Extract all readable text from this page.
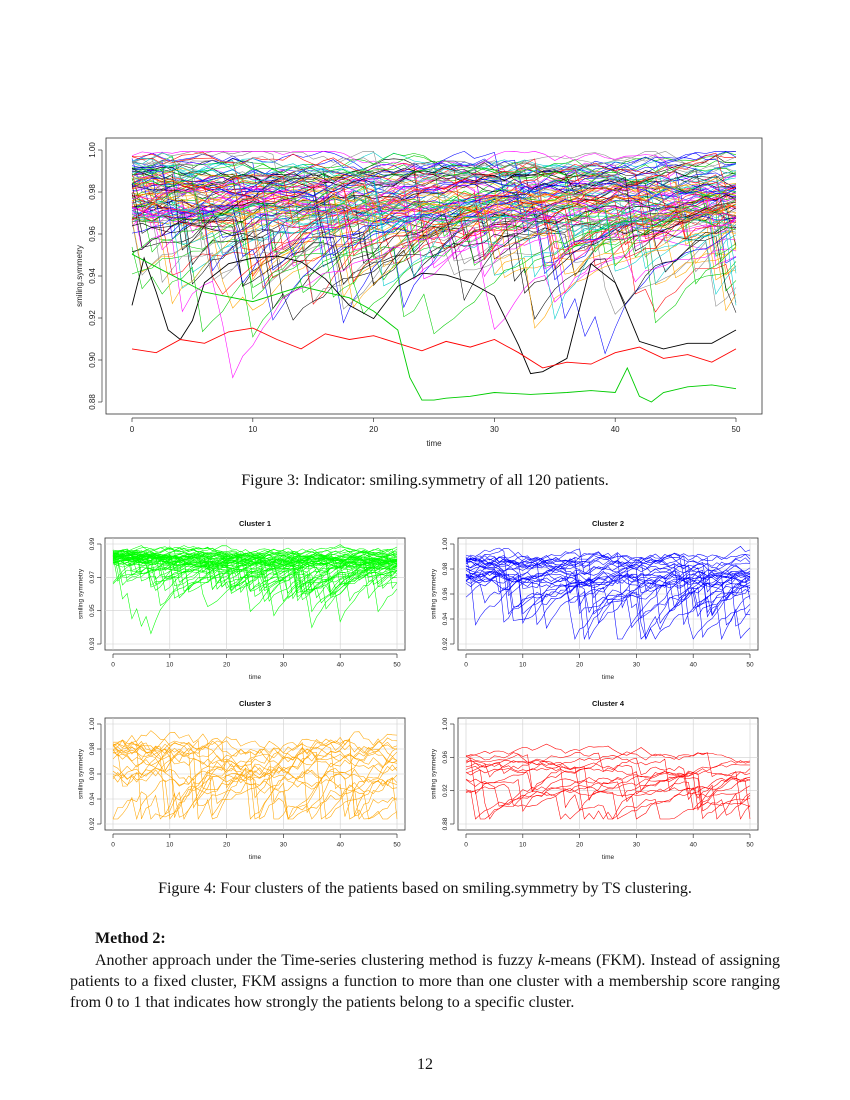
0	10	20	30	40	50
0.88
0.90
0.92
0.94
0.96
0.98
1.00
time
smiling.symmetry
Figure 3: Indicator: smiling.symmetry of all 120 patients.
0	10	20	30	40	50
0.93
0.95
0.97
0.99
time
smiling symmetry
Cluster 1
0	10	20	30	40	50
0.92
0.94
0.96
0.98
1.00
time
smiling symmetry
Cluster 2
0	10	20	30	40	50
0.92
0.94
0.90
0.98
1.00
time
smiling symmetry
Cluster 3
0	10	20	30	40	50
0.88
0.92
0.96
1.00
time
smiling symmetry
Cluster 4
Figure 4: Four clusters of the patients based on smiling.symmetry by TS clustering.
Method 2:
Another approach under the Time-series clustering method is fuzzy k-means (FKM). Instead of assigning patients to a fixed cluster, FKM assigns a function to more than one cluster with a membership score ranging from 0 to 1 that indicates how strongly the patients belong to a specific cluster.
12
